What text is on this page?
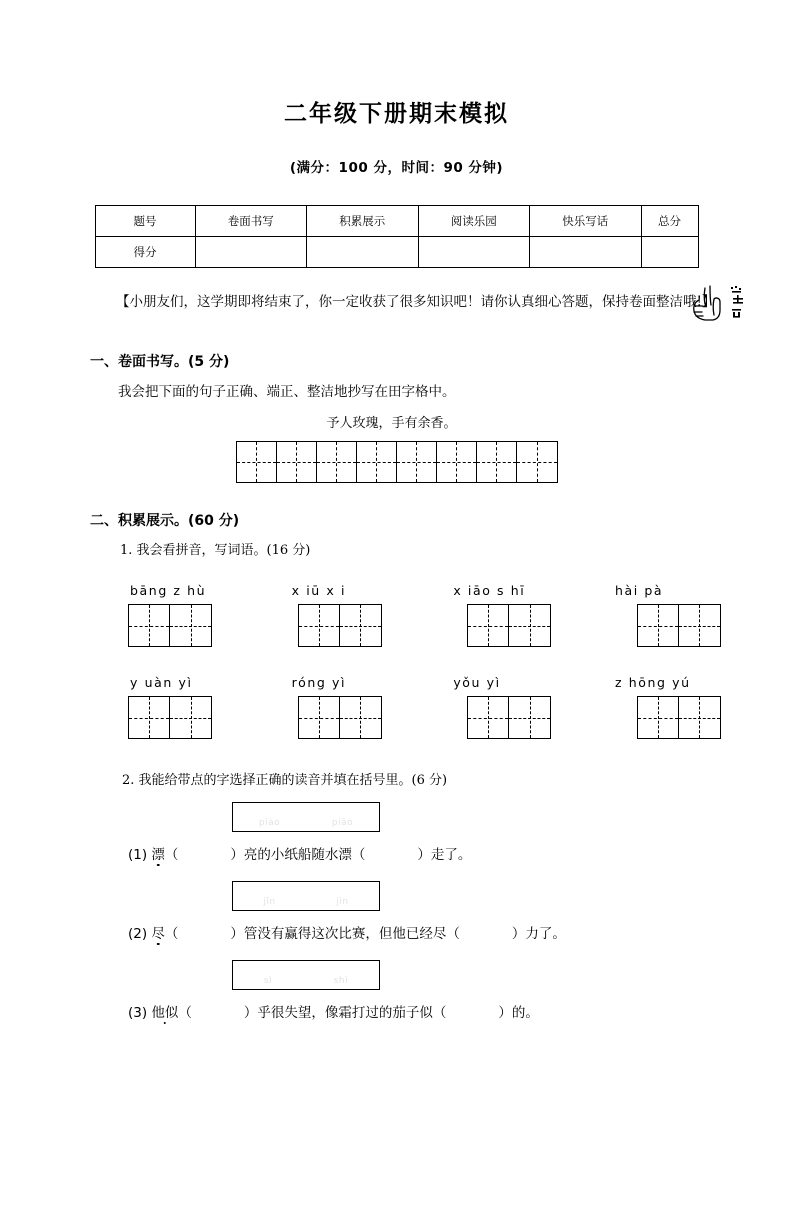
二年级下册期末模拟
(满分：100 分，时间：90 分钟)
题号	卷面书写	积累展示	阅读乐园	快乐写话	总分
得分					
【小朋友们，这学期即将结束了，你一定收获了很多知识吧！请你认真细心答题，保持卷面整洁哦!】
一、卷面书写。(5 分)
我会把下面的句子正确、端正、整洁地抄写在田字格中。
予人玫瑰，手有余香。
二、积累展示。(60 分)
1. 我会看拼音，写词语。(16 分)
bāng z hù	x iū x i	x iāo s hī	hài pà
y uàn yì	róng yì	yǒu yì	z hōng yú
2. 我能给带点的字选择正确的读音并填在括号里。(6 分)
piào	piāo
(1) 漂（	）亮的小纸船随水漂（	）走了。
jǐn	jìn
(2) 尽（	）管没有赢得这次比赛，但他已经尽（	）力了。
sì	shì
(3) 他似（	）乎很失望，像霜打过的茄子似（	）的。
